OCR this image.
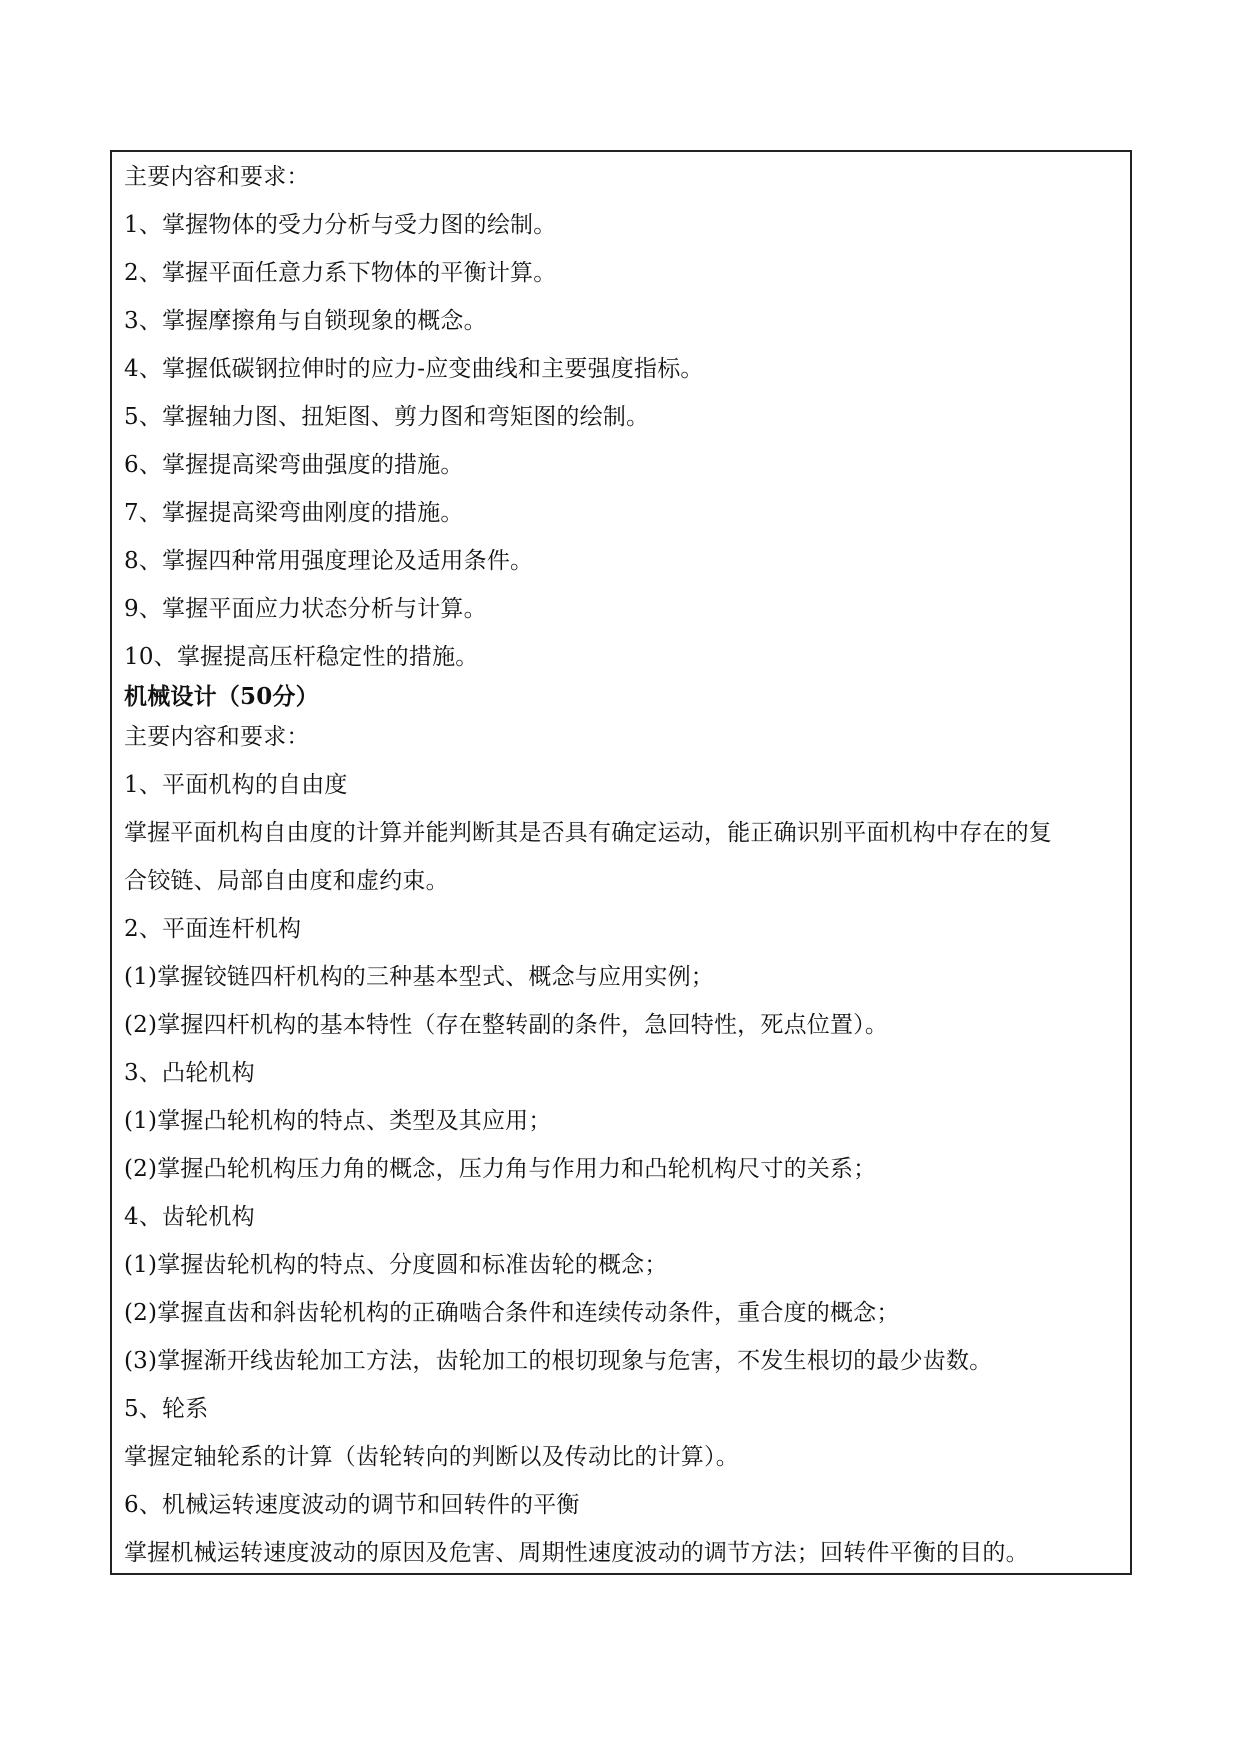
主要内容和要求：
1、掌握物体的受力分析与受力图的绘制。
2、掌握平面任意力系下物体的平衡计算。
3、掌握摩擦角与自锁现象的概念。
4、掌握低碳钢拉伸时的应力-应变曲线和主要强度指标。
5、掌握轴力图、扭矩图、剪力图和弯矩图的绘制。
6、掌握提高梁弯曲强度的措施。
7、掌握提高梁弯曲刚度的措施。
8、掌握四种常用强度理论及适用条件。
9、掌握平面应力状态分析与计算。
10、掌握提高压杆稳定性的措施。
机械设计（50分）
主要内容和要求：
1、平面机构的自由度
掌握平面机构自由度的计算并能判断其是否具有确定运动，能正确识别平面机构中存在的复
合铰链、局部自由度和虚约束。
2、平面连杆机构
(1)掌握铰链四杆机构的三种基本型式、概念与应用实例；
(2)掌握四杆机构的基本特性（存在整转副的条件，急回特性，死点位置）。
3、凸轮机构
(1)掌握凸轮机构的特点、类型及其应用；
(2)掌握凸轮机构压力角的概念，压力角与作用力和凸轮机构尺寸的关系；
4、齿轮机构
(1)掌握齿轮机构的特点、分度圆和标准齿轮的概念；
(2)掌握直齿和斜齿轮机构的正确啮合条件和连续传动条件，重合度的概念；
(3)掌握渐开线齿轮加工方法，齿轮加工的根切现象与危害，不发生根切的最少齿数。
5、轮系
掌握定轴轮系的计算（齿轮转向的判断以及传动比的计算）。
6、机械运转速度波动的调节和回转件的平衡
掌握机械运转速度波动的原因及危害、周期性速度波动的调节方法；回转件平衡的目的。
